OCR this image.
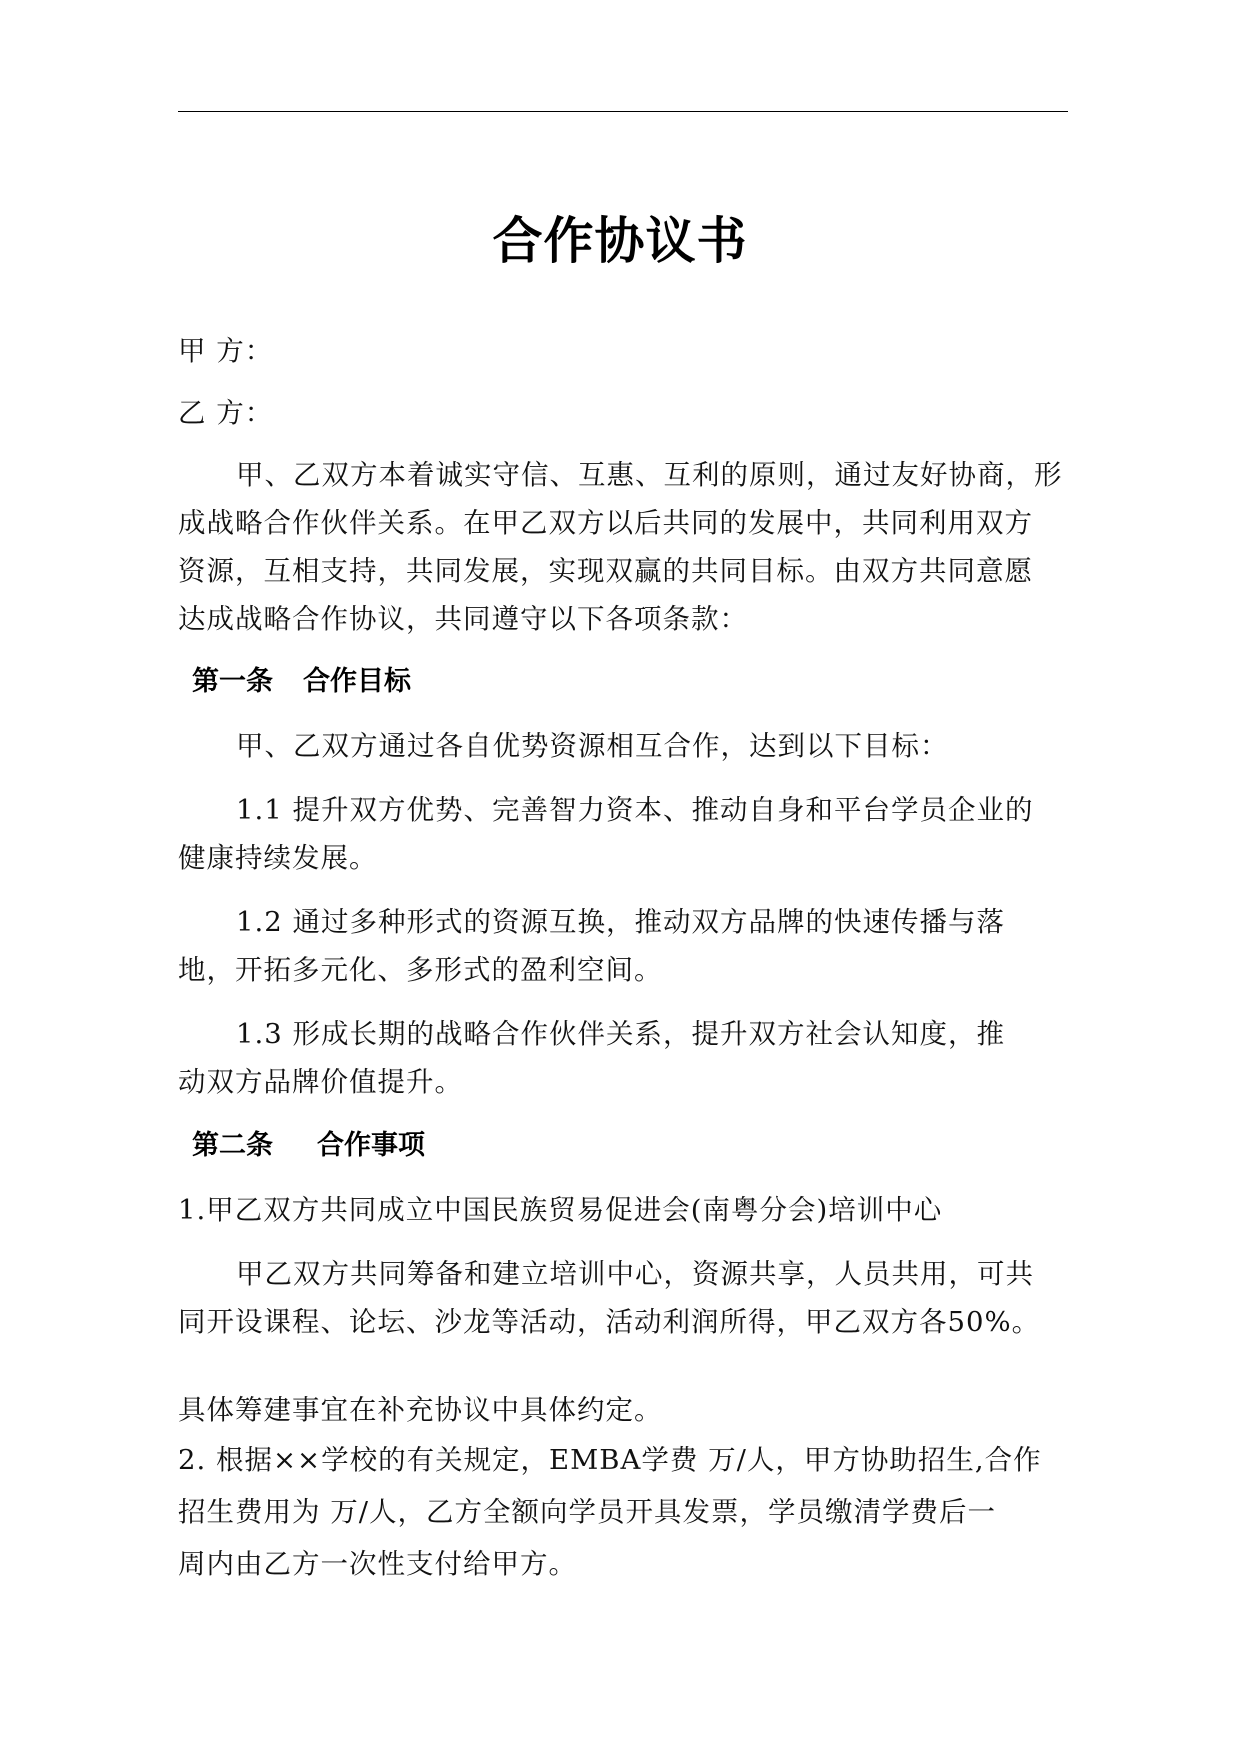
合作协议书
甲 方：
乙 方：
甲、乙双方本着诚实守信、互惠、互利的原则，通过友好协商，形
成战略合作伙伴关系。在甲乙双方以后共同的发展中，共同利用双方
资源，互相支持，共同发展，实现双赢的共同目标。由双方共同意愿
达成战略合作协议，共同遵守以下各项条款：
第一条 合作目标
甲、乙双方通过各自优势资源相互合作，达到以下目标：
1.1 提升双方优势、完善智力资本、推动自身和平台学员企业的
健康持续发展。
1.2 通过多种形式的资源互换，推动双方品牌的快速传播与落
地，开拓多元化、多形式的盈利空间。
1.3 形成长期的战略合作伙伴关系，提升双方社会认知度，推
动双方品牌价值提升。
第二条 合作事项
1.甲乙双方共同成立中国民族贸易促进会(南粤分会)培训中心
甲乙双方共同筹备和建立培训中心，资源共享，人员共用，可共
同开设课程、论坛、沙龙等活动，活动利润所得，甲乙双方各50%。
具体筹建事宜在补充协议中具体约定。
2. 根据××学校的有关规定，EMBA学费 万/人，甲方协助招生,合作
招生费用为 万/人，乙方全额向学员开具发票，学员缴清学费后一
周内由乙方一次性支付给甲方。
